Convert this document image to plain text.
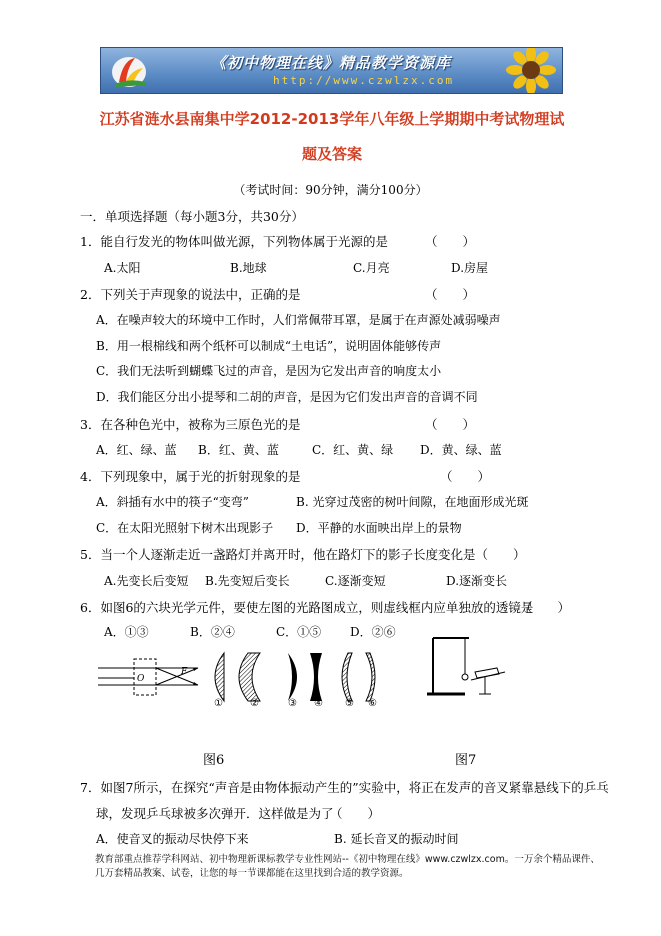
《初中物理在线》精品教学资源库
http://www.czwlzx.com
江苏省涟水县南集中学2012-2013学年八年级上学期期中考试物理试
题及答案
（考试时间：90分钟，满分100分）
一．单项选择题（每小题3分，共30分）
1．能自行发光的物体叫做光源，下列物体属于光源的是	（　　）
A.太阳	B.地球	C.月亮	D.房屋
2．下列关于声现象的说法中，正确的是	（　　）
A．在噪声较大的环境中工作时，人们常佩带耳罩，是属于在声源处减弱噪声
B．用一根棉线和两个纸杯可以制成“土电话”，说明固体能够传声
C．我们无法听到蝴蝶飞过的声音，是因为它发出声音的响度太小
D．我们能区分出小提琴和二胡的声音，是因为它们发出声音的音调不同
3．在各种色光中，被称为三原色光的是	（　　）
A．红、绿、蓝 B．红、黄、蓝	C．红、黄、绿 D．黄、绿、蓝
4．下列现象中，属于光的折射现象的是	（　　）
A．斜插有水中的筷子“变弯”	B. 光穿过茂密的树叶间隙，在地面形成光斑
C．在太阳光照射下树木出现影子 D．平静的水面映出岸上的景物
5．当一个人逐渐走近一盏路灯并离开时，他在路灯下的影子长度变化是（　　）
A.先变长后变短 B.先变短后变长	C.逐渐变短	D.逐渐变长
6．如图6的六块光学元件，要使左图的光路图成立，则虚线框内应单独放的透镜是
（　　）
A．①③	B．②④	C．①⑤ D．②⑥
O
F
①	②	③ ④ ⑤ ⑥
图6	图7
7．如图7所示，在探究“声音是由物体振动产生的”实验中，将正在发声的音叉紧靠悬线下的乒乓
球，发现乒乓球被多次弹开．这样做是为了
（　　）
A．使音叉的振动尽快停下来	B. 延长音叉的振动时间
教育部重点推荐学科网站、初中物理新课标教学专业性网站--《初中物理在线》www.czwlzx.com。一万余个精品课件、
几万套精品教案、试卷，让您的每一节课都能在这里找到合适的教学资源。
